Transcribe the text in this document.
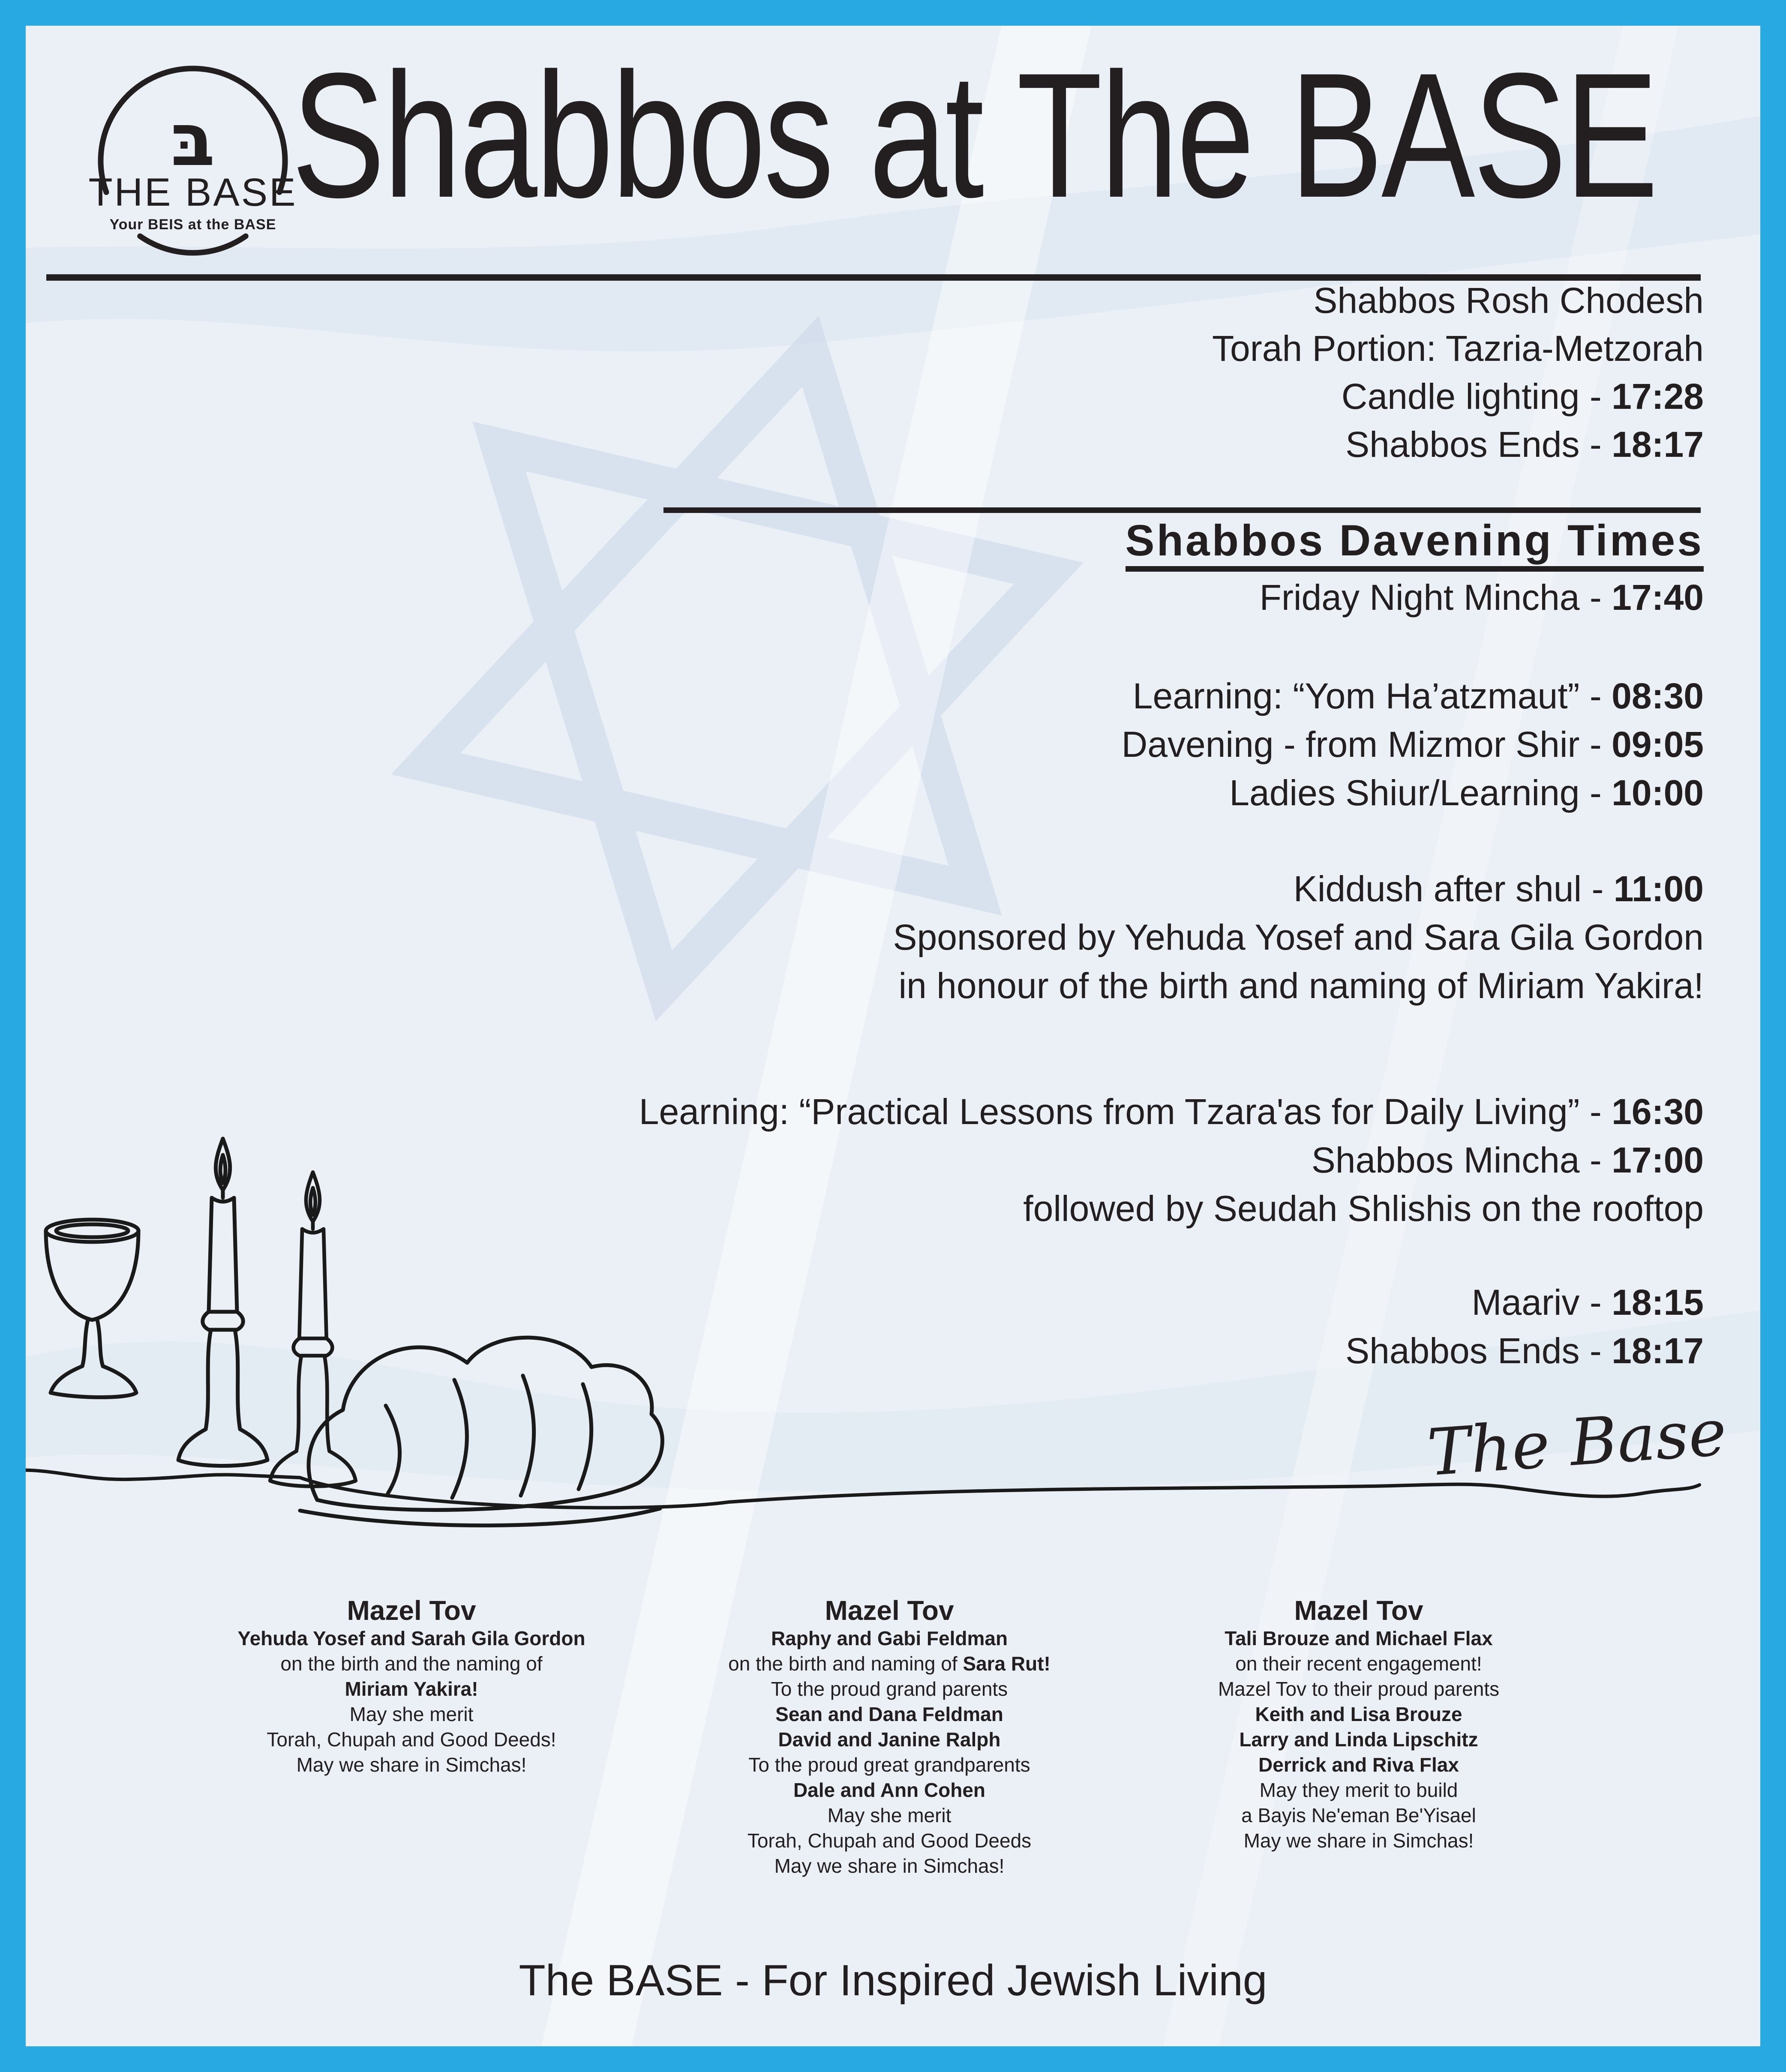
בּ
THE BASE
Your BEIS at the BASE Shabbos at The BASE
Shabbos Rosh Chodesh
Torah Portion: Tazria-Metzorah
Candle lighting - 17:28
Shabbos Ends - 18:17
Shabbos Davening Times
Friday Night Mincha - 17:40
Learning: “Yom Ha’atzmaut” - 08:30
Davening - from Mizmor Shir - 09:05
Ladies Shiur/Learning - 10:00
Kiddush after shul - 11:00
Sponsored by Yehuda Yosef and Sara Gila Gordon
in honour of the birth and naming of Miriam Yakira!
Learning: “Practical Lessons from Tzara'as for Daily Living” - 16:30
Shabbos Mincha - 17:00
followed by Seudah Shlishis on the rooftop
Maariv - 18:15
Shabbos Ends - 18:17
The Base
Mazel Tov
Yehuda Yosef and Sarah Gila Gordon
on the birth and the naming of
Miriam Yakira!
May she merit
Torah, Chupah and Good Deeds!
May we share in Simchas!
Mazel Tov
Raphy and Gabi Feldman
on the birth and naming of Sara Rut!
To the proud grand parents
Sean and Dana Feldman
David and Janine Ralph
To the proud great grandparents
Dale and Ann Cohen
May she merit
Torah, Chupah and Good Deeds
May we share in Simchas!
Mazel Tov
Tali Brouze and Michael Flax
on their recent engagement!
Mazel Tov to their proud parents
Keith and Lisa Brouze
Larry and Linda Lipschitz
Derrick and Riva Flax
May they merit to build
a Bayis Ne'eman Be'Yisael
May we share in Simchas!
The BASE - For Inspired Jewish Living
